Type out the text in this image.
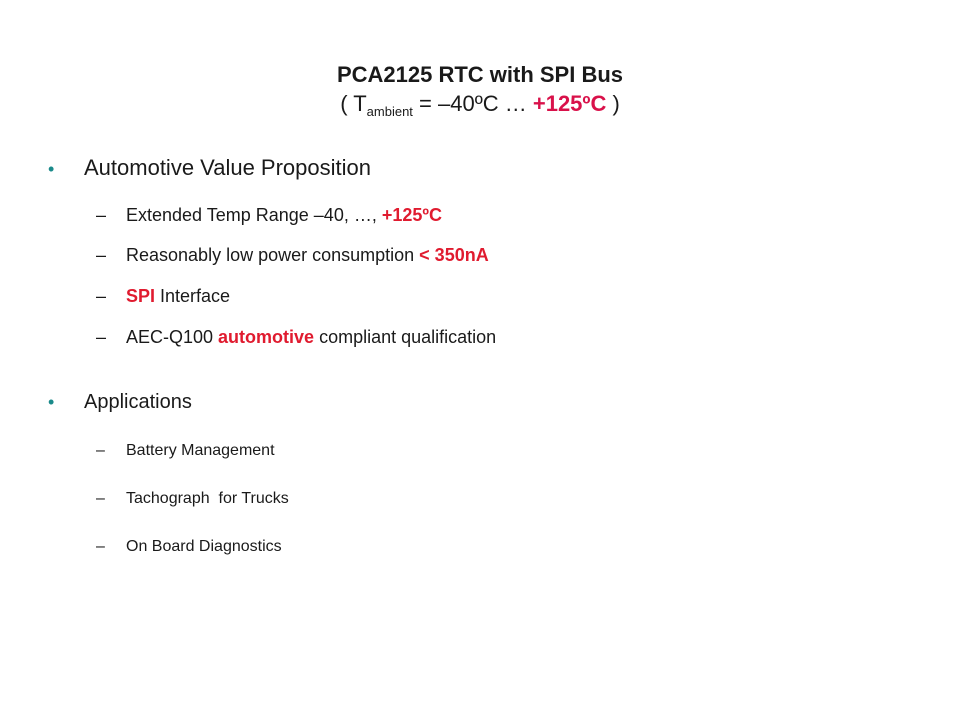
PCA2125 RTC with SPI Bus
( $T_{ambient}$ = –40ºC … +125ºC )
• Automotive Value Proposition
– Extended Temp Range –40, …, +125ºC
– Reasonably low power consumption < 350nA
– SPI Interface
– AEC-Q100 automotive compliant qualification
• Applications
– Battery Management
– Tachograph  for Trucks
– On Board Diagnostics
